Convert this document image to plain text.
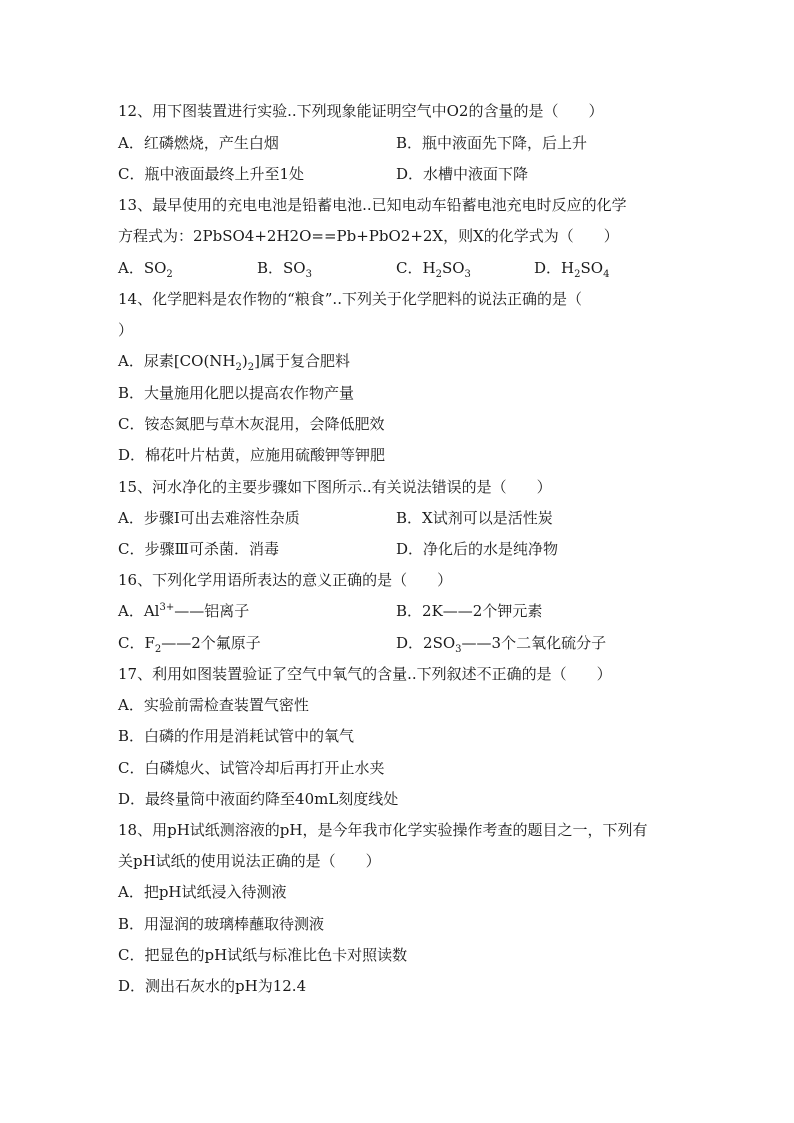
12、用下图装置进行实验..下列现象能证明空气中O2的含量的是（　　）
A．红磷燃烧，产生白烟	B．瓶中液面先下降，后上升
C．瓶中液面最终上升至1处	D．水槽中液面下降
13、最早使用的充电电池是铅蓄电池..已知电动车铅蓄电池充电时反应的化学
方程式为：2PbSO4+2H2O==Pb+PbO2+2X，则X的化学式为（　　）
A．$SO_2$	B．$SO_3$	C．$H_2SO_3$	D．$H_2SO_4$
14、化学肥料是农作物的“粮食”..下列关于化学肥料的说法正确的是（
）
A．尿素$[CO(NH_2)_2]$属于复合肥料
B．大量施用化肥以提高农作物产量
C．铵态氮肥与草木灰混用，会降低肥效
D．棉花叶片枯黄，应施用硫酸钾等钾肥
15、河水净化的主要步骤如下图所示..有关说法错误的是（　　）
A．步骤Ⅰ可出去难溶性杂质	B．X试剂可以是活性炭
C．步骤Ⅲ可杀菌．消毒	D．净化后的水是纯净物
16、下列化学用语所表达的意义正确的是（　　）
A．$Al^{3+}——$铝离子	B．2K——2个钾元素
C．$F_2——2$个氟原子	D．$2SO_3——3$个二氧化硫分子
17、利用如图装置验证了空气中氧气的含量..下列叙述不正确的是（　　）
A．实验前需检查装置气密性
B．白磷的作用是消耗试管中的氧气
C．白磷熄火、试管冷却后再打开止水夹
D．最终量筒中液面约降至40mL刻度线处
18、用pH试纸测溶液的pH，是今年我市化学实验操作考查的题目之一，下列有
关pH试纸的使用说法正确的是（　　）
A．把pH试纸浸入待测液
B．用湿润的玻璃棒蘸取待测液
C．把显色的pH试纸与标准比色卡对照读数
D．测出石灰水的pH为12.4
